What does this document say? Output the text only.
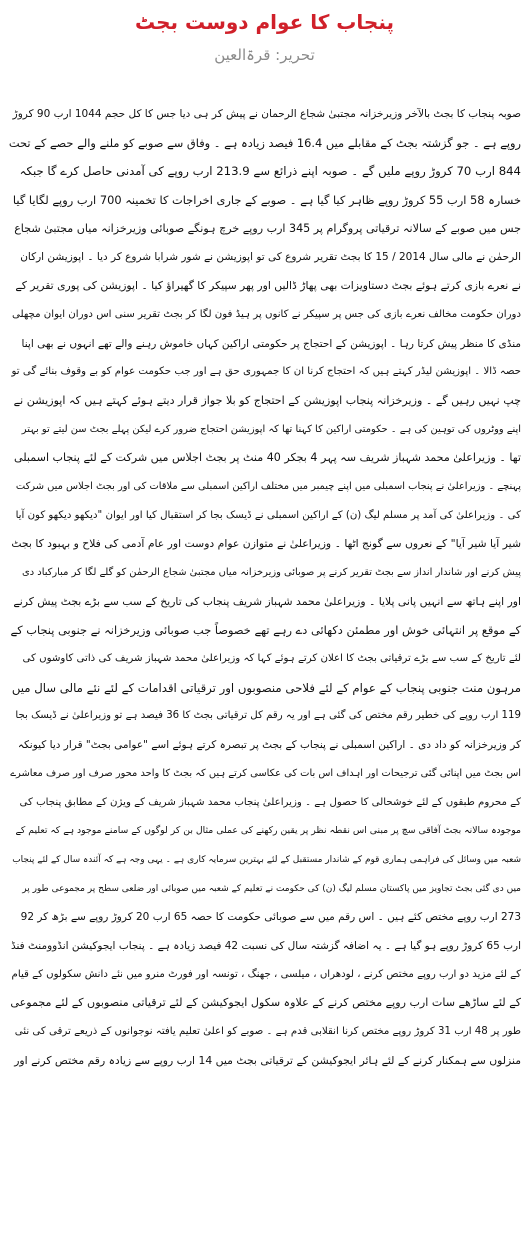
پنجاب کا عوام دوست بجٹ
تحریر: قرۃالعین
صوبہ پنجاب کا بجٹ بالآخر وزیرخزانہ مجتبیٰ شجاع الرحمان نے پیش کر ہی دیا جس کا کل حجم 1044 ارب 90 کروڑ
روپے ہے ۔ جو گزشتہ بجٹ کے مقابلے میں 16.4 فیصد زیادہ ہے ۔ وفاق سے صوبے کو ملنے والے حصے کے تحت
844 ارب 70 کروڑ روپے ملیں گے ۔ صوبہ اپنے ذرائع سے 213.9 ارب روپے کی آمدنی حاصل کرے گا جبکہ
خسارہ 58 ارب 55 کروڑ روپے ظاہر کیا گیا ہے ۔ صوبے کے جاری اخراجات کا تخمینہ 700 ارب روپے لگایا گیا
جس میں صوبے کے سالانہ ترقیاتی پروگرام پر 345 ارب روپے خرچ ہونگے صوبائی وزیرخزانہ میاں مجتبیٰ شجاع
الرحمٰن نے مالی سال 2014 / 15 کا بجٹ تقریر شروع کی تو اپوزیشن نے شور شرابا شروع کر دیا ۔ اپوزیشن ارکان
نے نعرے بازی کرتے ہوئے بجٹ دستاویزات بھی پھاڑ ڈالیں اور پھر سپیکر کا گھیراؤ کیا ۔ اپوزیشن کی پوری تقریر کے
دوران حکومت مخالف نعرے بازی کی جس پر سپیکر نے کانوں پر ہیڈ فون لگا کر بجٹ تقریر سنی اس دوران ایوان مچھلی
منڈی کا منظر پیش کرتا رہا ۔ اپوزیشن کے احتجاج پر حکومتی اراکین کہاں خاموش رہنے والے تھے انہوں نے بھی اپنا
حصہ ڈالا ۔ اپوزیشن لیڈر کہتے ہیں کہ احتجاج کرنا ان کا جمہوری حق ہے اور جب حکومت عوام کو بے وقوف بنائے گی تو
چپ نہیں رہیں گے ۔ وزیرخزانہ پنجاب اپوزیشن کے احتجاج کو بلا جواز قرار دیتے ہوئے کہتے ہیں کہ اپوزیشن نے
اپنے ووٹروں کی توہین کی ہے ۔ حکومتی اراکین کا کہنا تھا کہ اپوزیشن احتجاج ضرور کرے لیکن پہلے بجٹ سن لیتے تو بہتر
تھا ۔ وزیراعلیٰ محمد شہباز شریف سہ پہر 4 بجکر 40 منٹ پر بجٹ اجلاس میں شرکت کے لئے پنجاب اسمبلی
پہنچے ۔ وزیراعلیٰ نے پنجاب اسمبلی میں اپنے چیمبر میں مختلف اراکین اسمبلی سے ملاقات کی اور بجٹ اجلاس میں شرکت
کی ۔ وزیراعلیٰ کی آمد پر مسلم لیگ (ن) کے اراکین اسمبلی نے ڈیسک بجا کر استقبال کیا اور ایوان "دیکھو دیکھو کون آیا
شیر آیا شیر آیا" کے نعروں سے گونج اٹھا ۔ وزیراعلیٰ نے متوازن عوام دوست اور عام آدمی کی فلاح و بہبود کا بجٹ
پیش کرنے اور شاندار انداز سے بجٹ تقریر کرنے پر صوبائی وزیرخزانہ میاں مجتبیٰ شجاع الرحمٰن کو گلے لگا کر مبارکباد دی
اور اپنے ہاتھ سے انہیں پانی پلایا ۔ وزیراعلیٰ محمد شہباز شریف پنجاب کی تاریخ کے سب سے بڑے بجٹ پیش کرنے
کے موقع پر انتہائی خوش اور مطمئن دکھائی دے رہے تھے خصوصاً جب صوبائی وزیرخزانہ نے جنوبی پنجاب کے
لئے تاریخ کے سب سے بڑے ترقیاتی بجٹ کا اعلان کرتے ہوئے کہا کہ وزیراعلیٰ محمد شہباز شریف کی ذاتی کاوشوں کی
مرہون منت جنوبی پنجاب کے عوام کے لئے فلاحی منصوبوں اور ترقیاتی اقدامات کے لئے نئے مالی سال میں
119 ارب روپے کی خطیر رقم مختص کی گئی ہے اور یہ رقم کل ترقیاتی بجٹ کا 36 فیصد ہے تو وزیراعلیٰ نے ڈیسک بجا
کر وزیرخزانہ کو داد دی ۔ اراکین اسمبلی نے پنجاب کے بجٹ پر تبصرہ کرتے ہوئے اسے "عوامی بجٹ" قرار دیا کیونکہ
اس بجٹ میں اپنائی گئی ترجیحات اور اہداف اس بات کی عکاسی کرتے ہیں کہ بجٹ کا واحد محور صرف اور صرف معاشرے
کے محروم طبقوں کے لئے خوشحالی کا حصول ہے ۔ وزیراعلیٰ پنجاب محمد شہباز شریف کے ویژن کے مطابق پنجاب کی
موجودہ سالانہ بجٹ آفاقی سچ پر مبنی اس نقطہ نظر پر یقین رکھنے کی عملی مثال بن کر لوگوں کے سامنے موجود ہے کہ تعلیم کے
شعبہ میں وسائل کی فراہمی ہماری قوم کے شاندار مستقبل کے لئے بہترین سرمایہ کاری ہے ۔ یہی وجہ ہے کہ آئندہ سال کے لئے پنجاب
میں دی گئی بجٹ تجاویز میں پاکستان مسلم لیگ (ن) کی حکومت نے تعلیم کے شعبہ میں صوبائی اور ضلعی سطح پر مجموعی طور پر
273 ارب روپے مختص کئے ہیں ۔ اس رقم میں سے صوبائی حکومت کا حصہ 65 ارب 20 کروڑ روپے سے بڑھ کر 92
ارب 65 کروڑ روپے ہو گیا ہے ۔ یہ اضافہ گزشتہ سال کی نسبت 42 فیصد زیادہ ہے ۔ پنجاب ایجوکیشن انڈوومنٹ فنڈ
کے لئے مزید دو ارب روپے مختص کرنے ، لودھراں ، میلسی ، جھنگ ، تونسہ اور فورٹ منرو میں نئے دانش سکولوں کے قیام
کے لئے ساڑھے سات ارب روپے مختص کرنے کے علاوہ سکول ایجوکیشن کے لئے ترقیاتی منصوبوں کے لئے مجموعی
طور پر 48 ارب 31 کروڑ روپے مختص کرنا انقلابی قدم ہے ۔ صوبے کو اعلیٰ تعلیم یافتہ نوجوانوں کے ذریعے ترقی کی نئی
منزلوں سے ہمکنار کرنے کے لئے ہائر ایجوکیشن کے ترقیاتی بجٹ میں 14 ارب روپے سے زیادہ رقم مختص کرنے اور
